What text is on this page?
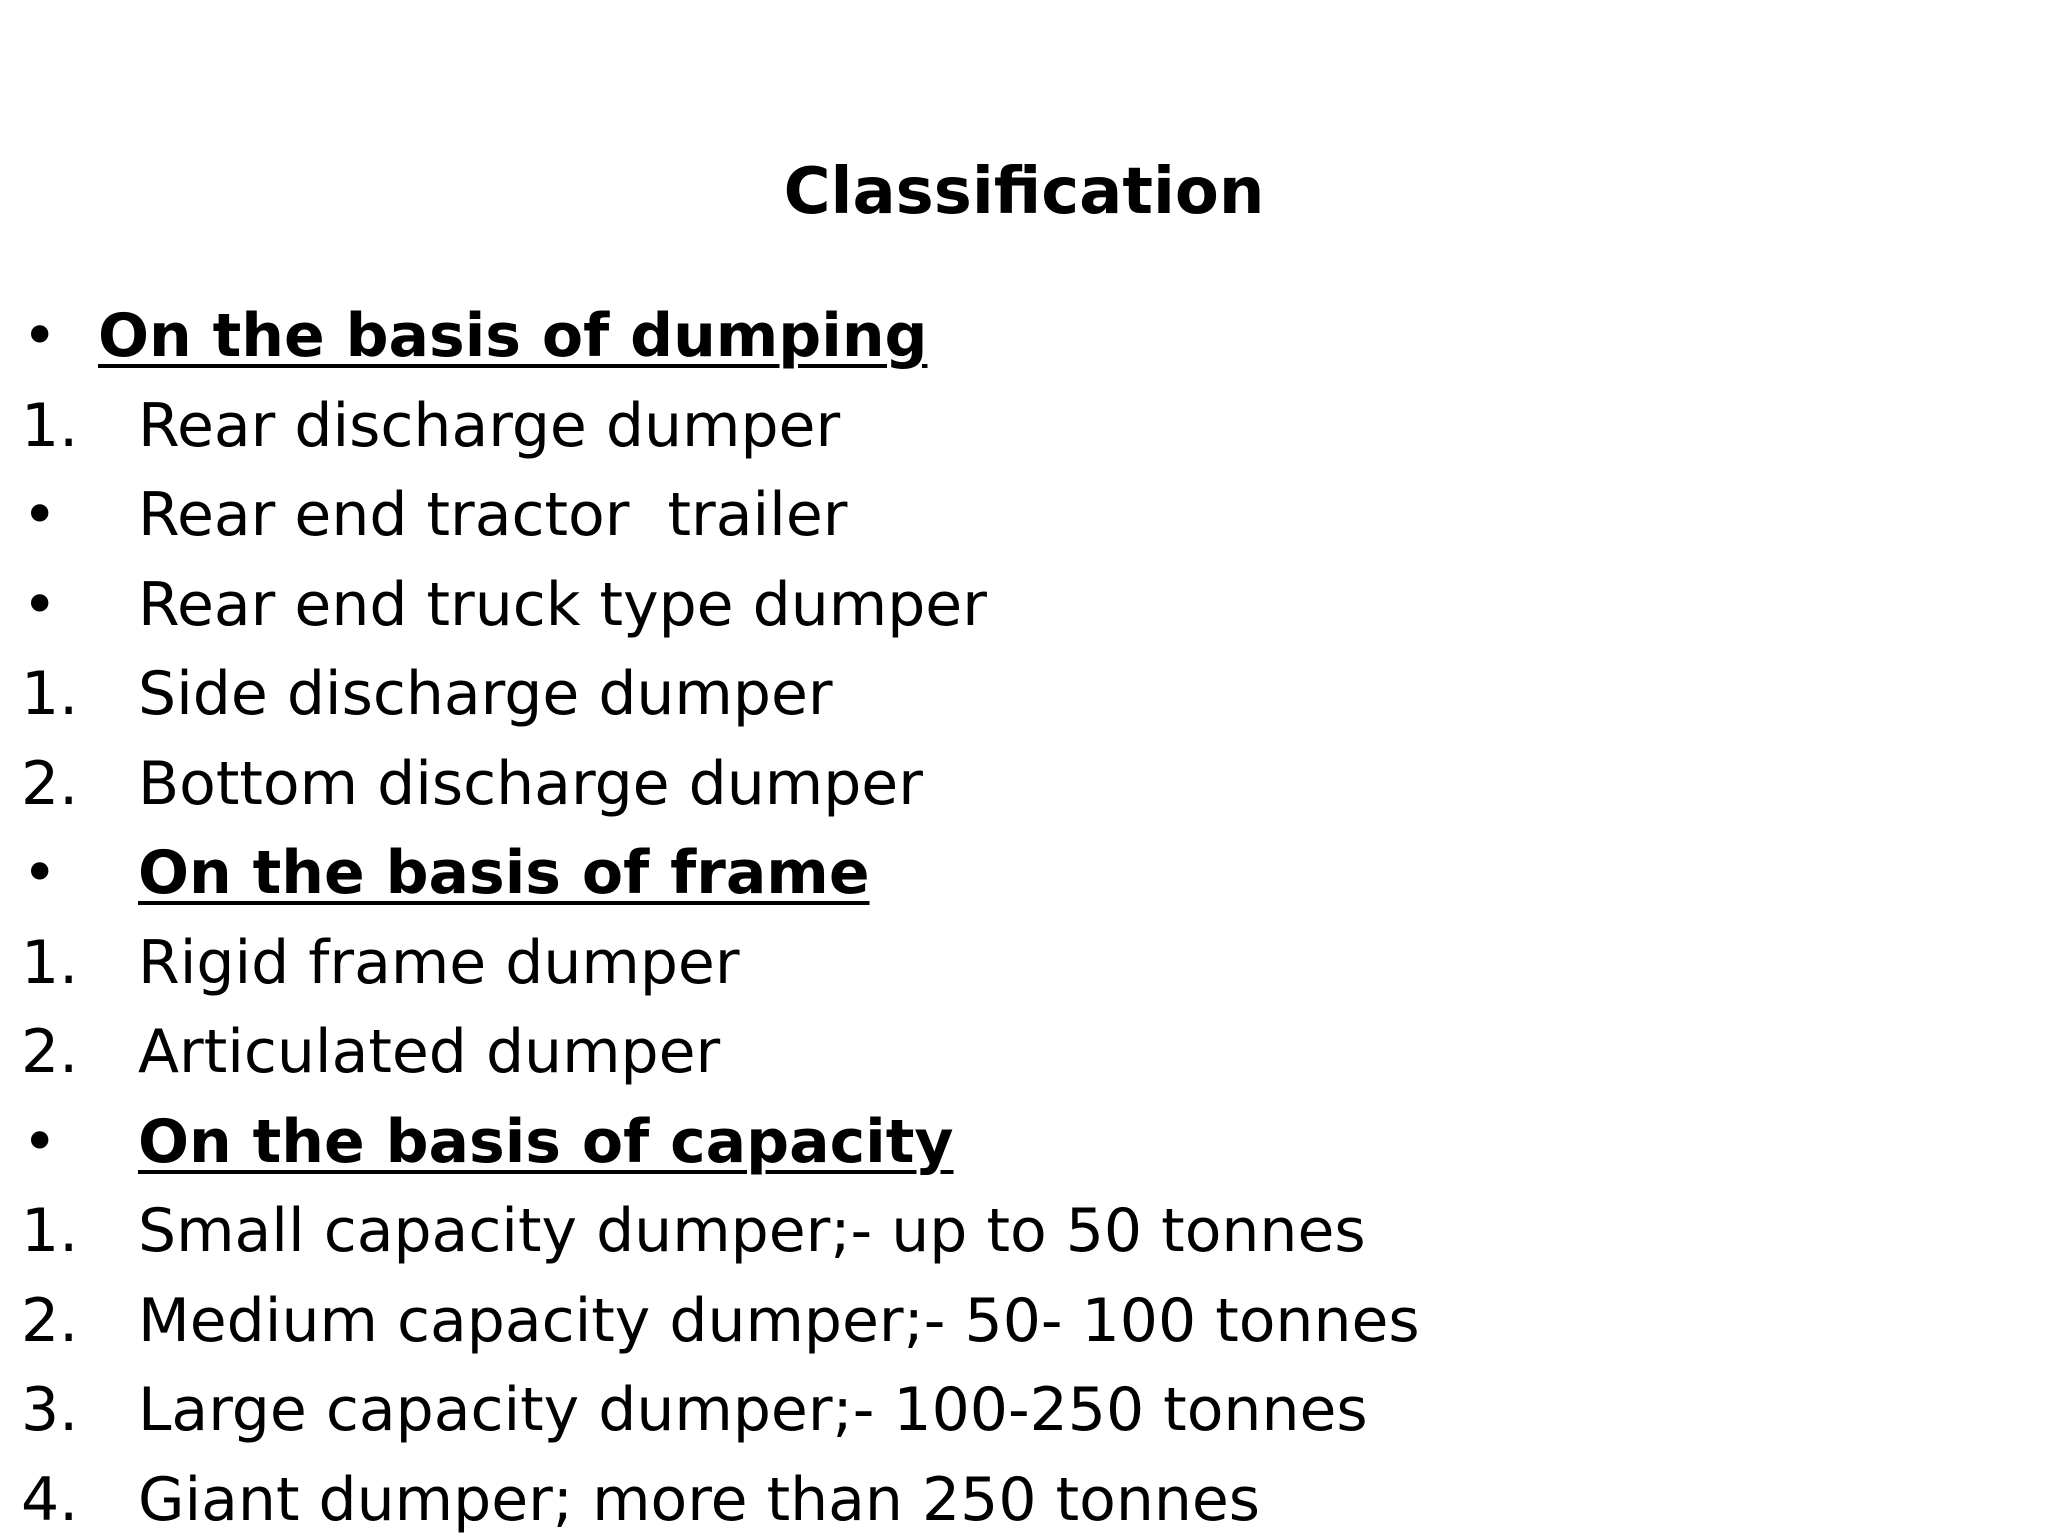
Classification

•

On the basis of dumping

1.

Rear discharge dumper

•

Rear end tractor  trailer

•

Rear end truck type dumper

1.

Side discharge dumper

2.

Bottom discharge dumper

•

On the basis of frame

1.

Rigid frame dumper

2.

Articulated dumper

•

On the basis of capacity

1.

Small capacity dumper;- up to 50 tonnes

2.

Medium capacity dumper;- 50- 100 tonnes

3.

Large capacity dumper;- 100-250 tonnes

4.

Giant dumper; more than 250 tonnes
